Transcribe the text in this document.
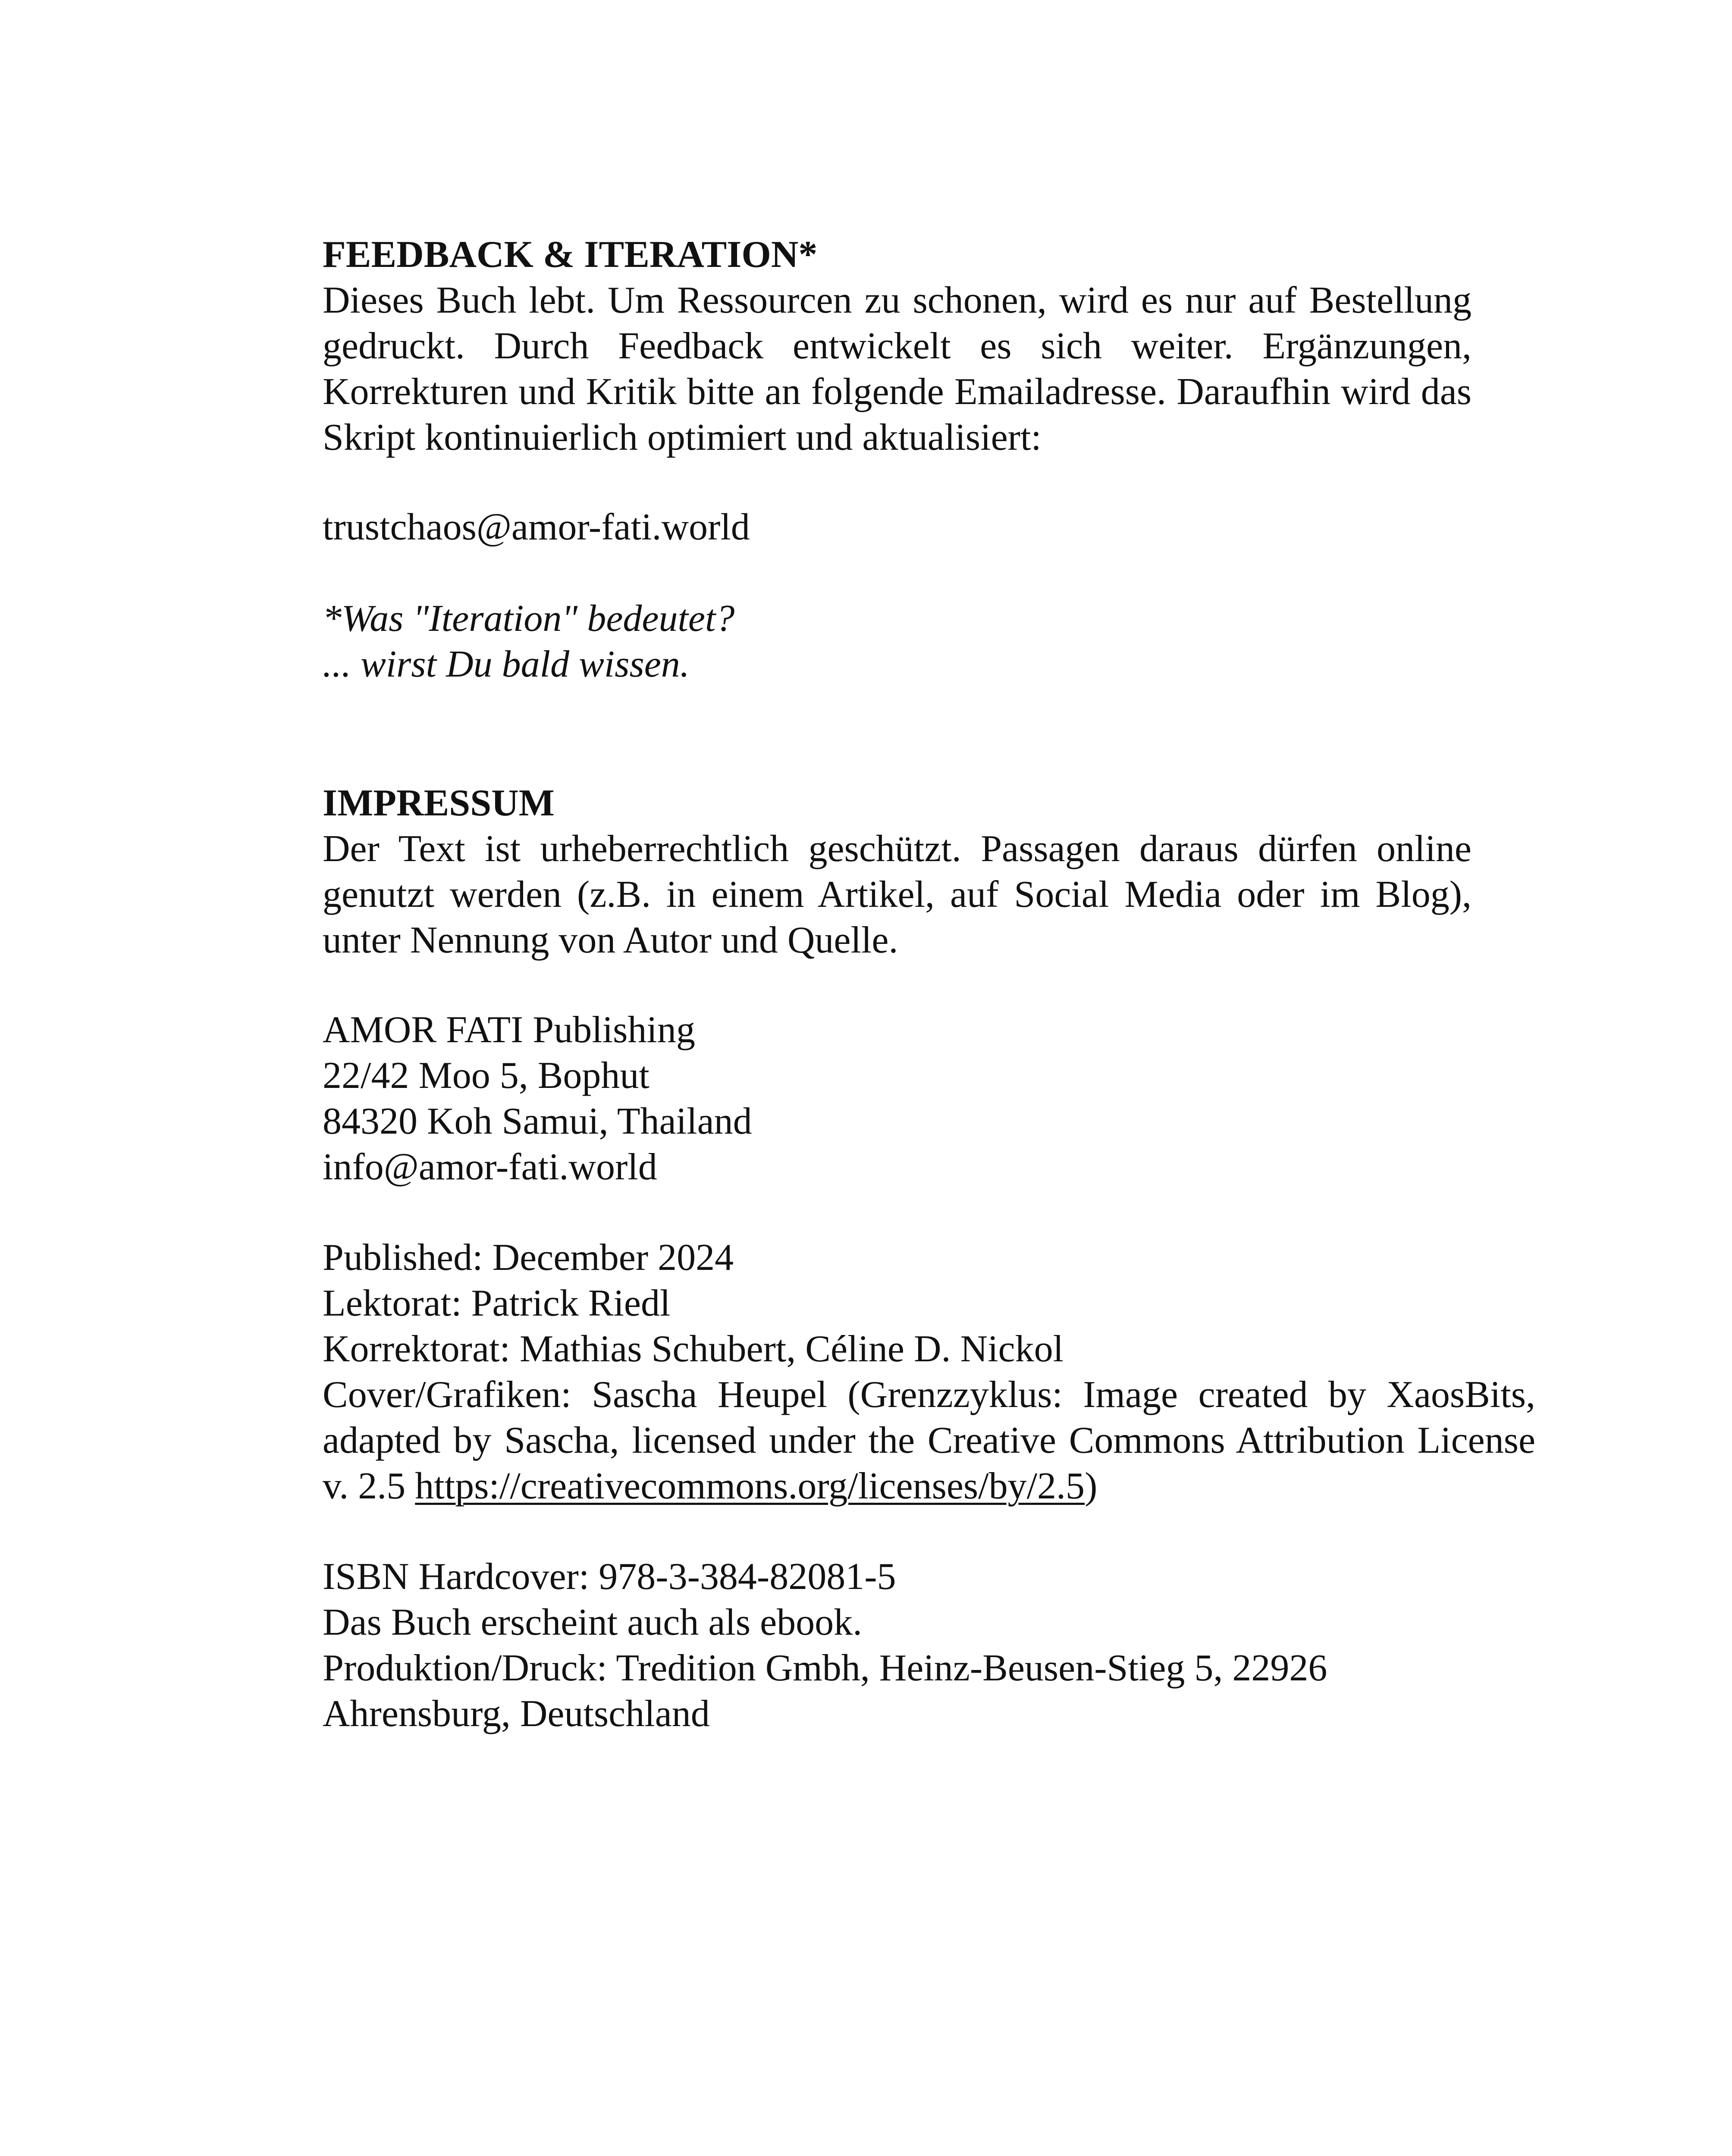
FEEDBACK & ITERATION*
Dieses Buch lebt. Um Ressourcen zu schonen, wird es nur auf Bestellung gedruckt. Durch Feedback entwickelt es sich weiter. Ergänzungen, Korrekturen und Kritik bitte an folgende Emailadresse. Daraufhin wird das Skript kontinuierlich optimiert und aktualisiert:
trustchaos@amor-fati.world
*Was "Iteration" bedeutet?
... wirst Du bald wissen.
IMPRESSUM
Der Text ist urheberrechtlich geschützt. Passagen daraus dürfen online genutzt werden (z.B. in einem Artikel, auf Social Media oder im Blog), unter Nennung von Autor und Quelle.
AMOR FATI Publishing
22/42 Moo 5, Bophut
84320 Koh Samui, Thailand
info@amor-fati.world
Published: December 2024
Lektorat: Patrick Riedl
Korrektorat: Mathias Schubert, Céline D. Nickol
Cover/Grafiken: Sascha Heupel (Grenzzyklus: Image created by XaosBits, adapted by Sascha, licensed under the Creative Commons Attribution License v. 2.5 https://creativecommons.org/licenses/by/2.5)
ISBN Hardcover: 978-3-384-82081-5
Das Buch erscheint auch als ebook.
Produktion/Druck: Tredition Gmbh, Heinz-Beusen-Stieg 5, 22926
Ahrensburg, Deutschland
